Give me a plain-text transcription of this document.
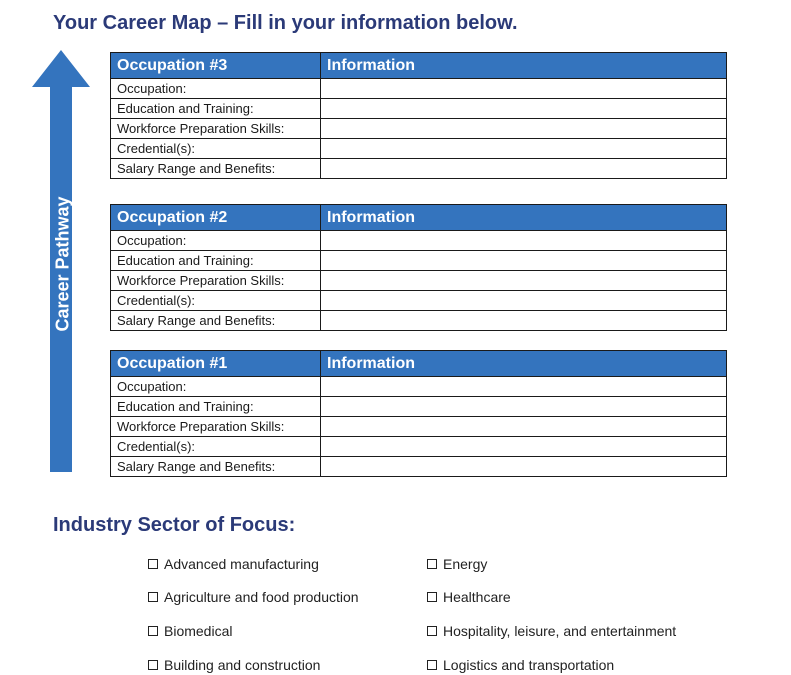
Your Career Map – Fill in your information below.
Career Pathway
Occupation #3	Information
Occupation:	
Education and Training:	
Workforce Preparation Skills:	
Credential(s):	
Salary Range and Benefits:	
Occupation #2	Information
Occupation:	
Education and Training:	
Workforce Preparation Skills:	
Credential(s):	
Salary Range and Benefits:	
Occupation #1	Information
Occupation:	
Education and Training:	
Workforce Preparation Skills:	
Credential(s):	
Salary Range and Benefits:	
Industry Sector of Focus:
Advanced manufacturing
Agriculture and food production
Biomedical
Building and construction
Energy
Healthcare
Hospitality, leisure, and entertainment
Logistics and transportation
